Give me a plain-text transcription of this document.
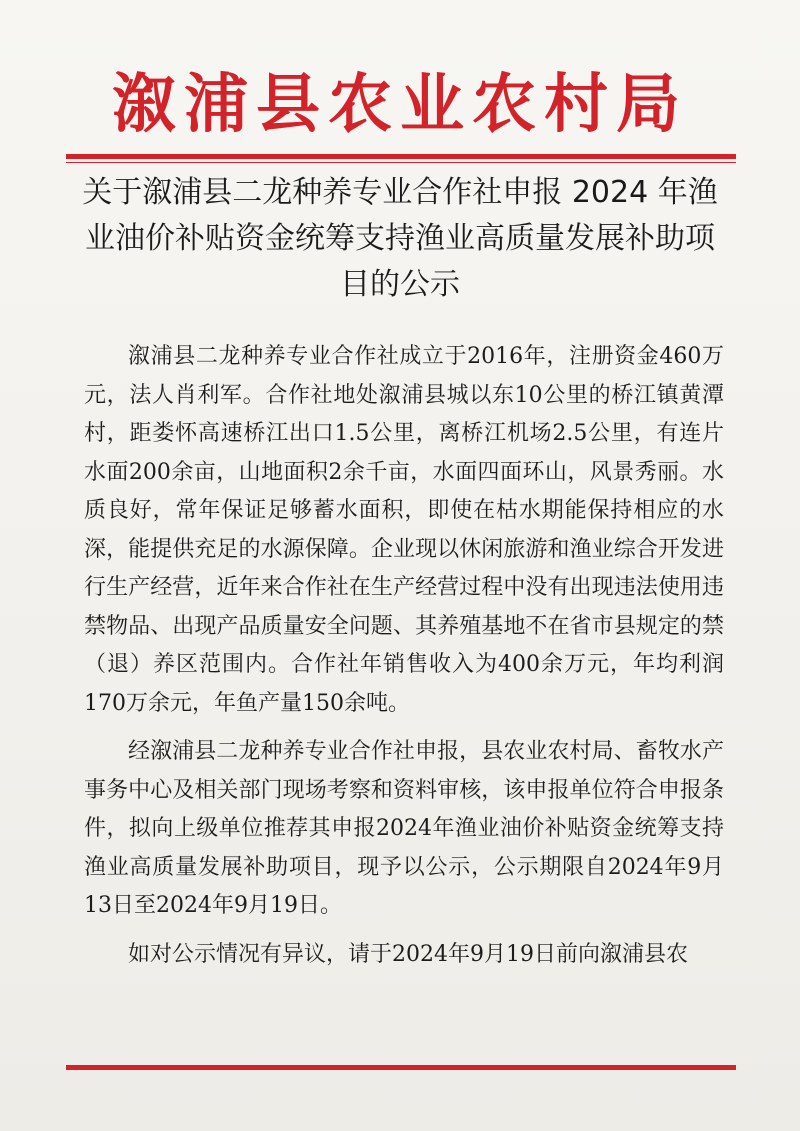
溆浦县农业农村局
关于溆浦县二龙种养专业合作社申报 2024 年渔业油价补贴资金统筹支持渔业高质量发展补助项目的公示

溆浦县二龙种养专业合作社成立于2016年，注册资金460万元，法人肖利军。合作社地处溆浦县城以东10公里的桥江镇黄潭村，距娄怀高速桥江出口1.5公里，离桥江机场2.5公里，有连片水面200余亩，山地面积2余千亩，水面四面环山，风景秀丽。水质良好，常年保证足够蓄水面积，即使在枯水期能保持相应的水深，能提供充足的水源保障。企业现以休闲旅游和渔业综合开发进行生产经营，近年来合作社在生产经营过程中没有出现违法使用违禁物品、出现产品质量安全问题、其养殖基地不在省市县规定的禁（退）养区范围内。合作社年销售收入为400余万元，年均利润170万余元，年鱼产量150余吨。

经溆浦县二龙种养专业合作社申报，县农业农村局、畜牧水产事务中心及相关部门现场考察和资料审核，该申报单位符合申报条件，拟向上级单位推荐其申报2024年渔业油价补贴资金统筹支持渔业高质量发展补助项目，现予以公示，公示期限自2024年9月13日至2024年9月19日。

如对公示情况有异议，请于2024年9月19日前向溆浦县农
